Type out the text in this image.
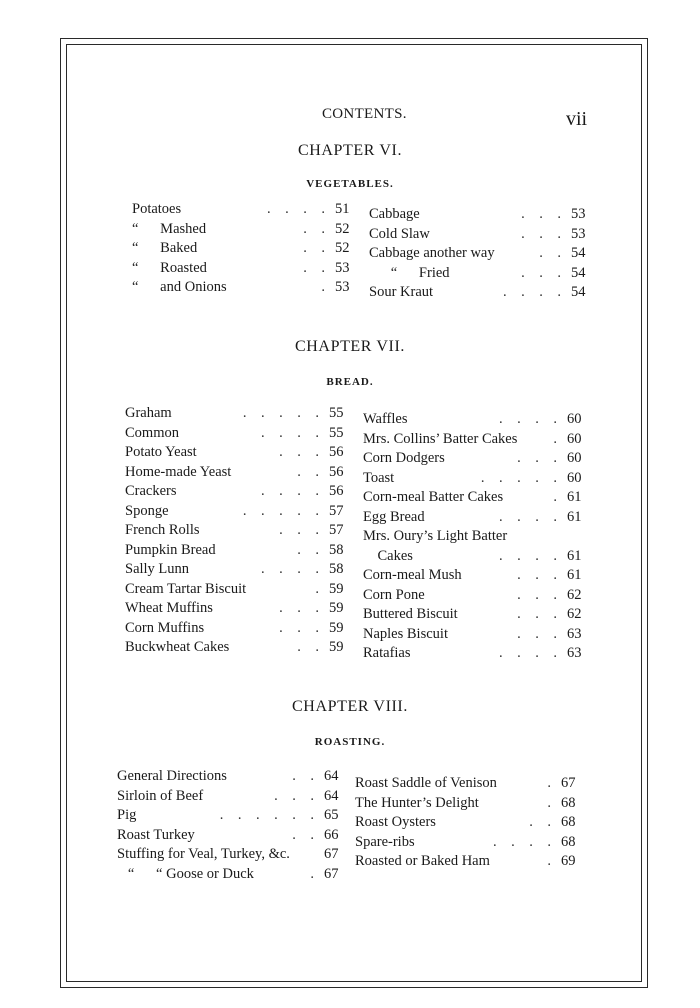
CONTENTS.	vii
CHAPTER VI.
VEGETABLES.
Potatoes	.    .    .    . 51
“      Mashed	.    . 52
“      Baked	.    . 52
“      Roasted	.    . 53
“      and Onions	. 53
Cabbage	.    .    . 53
Cold Slaw	.    .    . 53
Cabbage another way	.    . 54
“      Fried	.    .    . 54
Sour Kraut	.    .    .    . 54
CHAPTER VII.
BREAD.
Graham	.    .    .    .    . 55
Common	.    .    .    . 55
Potato Yeast	.    .    . 56
Home-made Yeast	.    . 56
Crackers	.    .    .    . 56
Sponge	.    .    .    .    . 57
French Rolls	.    .    . 57
Pumpkin Bread	.    . 58
Sally Lunn	.    .    .    . 58
Cream Tartar Biscuit	. 59
Wheat Muffins	.    .    . 59
Corn Muffins	.    .    . 59
Buckwheat Cakes	.    . 59
Waffles	.    .    .    . 60
Mrs. Collins’ Batter Cakes . 60
Corn Dodgers	.    .    . 60
Toast	.    .    .    .    . 60
Corn-meal Batter Cakes	. 61
Egg Bread	.    .    .    . 61
Mrs. Oury’s Light Batter
Cakes	.    .    .    . 61
Corn-meal Mush	.    .    . 61
Corn Pone	.    .    . 62
Buttered Biscuit	.    .    . 62
Naples Biscuit	.    .    . 63
Ratafias	.    .    .    . 63
CHAPTER VIII.
ROASTING.
General Directions	.    . 64
Sirloin of Beef	.    .    . 64
Pig	.    .    .    .    .    . 65
Roast Turkey	.    . 66
Stuffing for Veal, Turkey, &c. 67
“      “ Goose or Duck	. 67
Roast Saddle of Venison	. 67
The Hunter’s Delight	. 68
Roast Oysters	.    . 68
Spare-ribs	.    .    .    . 68
Roasted or Baked Ham	. 69
